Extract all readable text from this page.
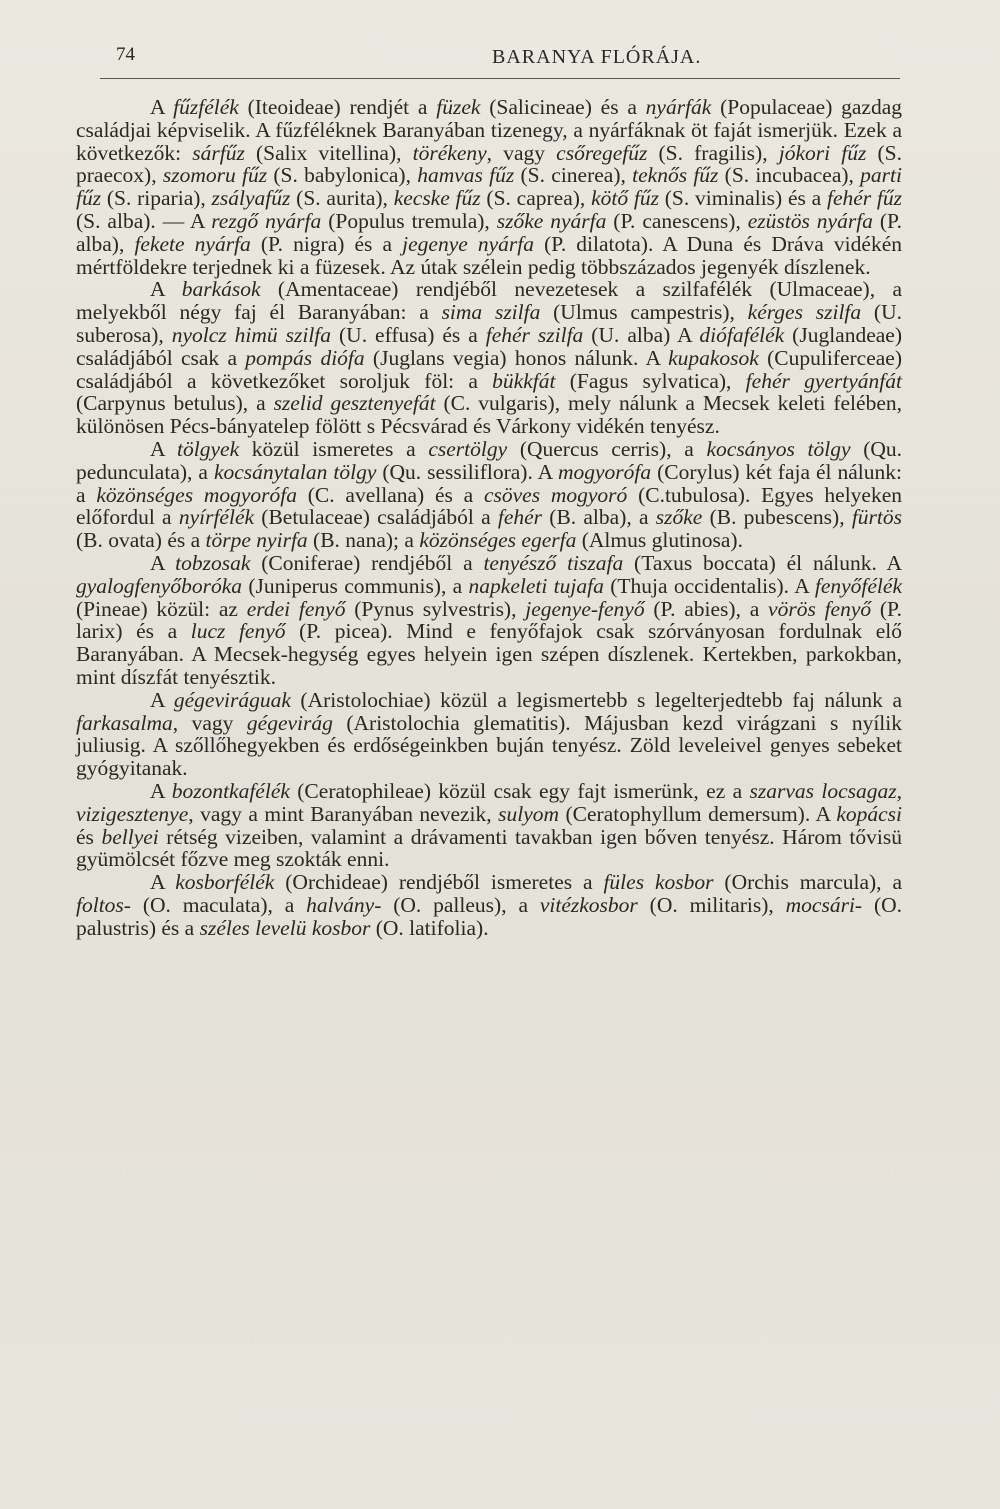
74	BARANYA FLÓRÁJA.

A fűzfélék (Iteoideae) rendjét a füzek (Salicineae) és a nyárfák (Populaceae) gazdag családjai képviselik. A fűzféléknek Baranyában tizenegy, a nyárfáknak öt faját ismerjük. Ezek a következők: sárfűz (Salix vitellina), törékeny, vagy csőregefűz (S. fragilis), jókori fűz (S. praecox), szomoru fűz (S. babylonica), hamvas fűz (S. cinerea), teknős fűz (S. incubacea), parti fűz (S. riparia), zsályafűz (S. aurita), kecske fűz (S. caprea), kötő fűz (S. viminalis) és a fehér fűz (S. alba). — A rezgő nyárfa (Populus tremula), szőke nyárfa (P. canescens), ezüstös nyárfa (P. alba), fekete nyárfa (P. nigra) és a jegenye nyárfa (P. dilatota). A Duna és Dráva vidékén mértföldekre terjednek ki a füzesek. Az útak szélein pedig többszázados jegenyék díszlenek.

A barkások (Amentaceae) rendjéből nevezetesek a szilfafélék (Ulmaceae), a melyekből négy faj él Baranyában: a sima szilfa (Ulmus campestris), kérges szilfa (U. suberosa), nyolcz himü szilfa (U. effusa) és a fehér szilfa (U. alba) A diófafélék (Juglandeae) családjából csak a pompás diófa (Juglans vegia) honos nálunk. A kupakosok (Cupuliferceae) családjából a következőket soroljuk föl: a bükkfát (Fagus sylvatica), fehér gyertyánfát (Carpynus betulus), a szelid gesztenyefát (C. vulgaris), mely nálunk a Mecsek keleti felében, különösen Pécs-bányatelep fölött s Pécsvárad és Várkony vidékén tenyész.

A tölgyek közül ismeretes a csertölgy (Quercus cerris), a kocsányos tölgy (Qu. pedunculata), a kocsánytalan tölgy (Qu. sessiliflora). A mogyorófa (Corylus) két faja él nálunk: a közönséges mogyorófa (C. avellana) és a csöves mogyoró (C.tubulosa). Egyes helyeken előfordul a nyírfélék (Betulaceae) családjából a fehér (B. alba), a szőke (B. pubescens), fürtös (B. ovata) és a törpe nyirfa (B. nana); a közönséges egerfa (Almus glutinosa).

A tobzosak (Coniferae) rendjéből a tenyésző tiszafa (Taxus boccata) él nálunk. A gyalogfenyőboróka (Juniperus communis), a napkeleti tujafa (Thuja occidentalis). A fenyőfélék (Pineae) közül: az erdei fenyő (Pynus sylvestris), jegenye-fenyő (P. abies), a vörös fenyő (P. larix) és a lucz fenyő (P. picea). Mind e fenyőfajok csak szórványosan fordulnak elő Baranyában. A Mecsek-hegység egyes helyein igen szépen díszlenek. Kertekben, parkokban, mint díszfát tenyésztik.

A gégeviráguak (Aristolochiae) közül a legismertebb s legelterjedtebb faj nálunk a farkasalma, vagy gégevirág (Aristolochia glematitis). Májusban kezd virágzani s nyílik juliusig. A szőllőhegyekben és erdőségeinkben buján tenyész. Zöld leveleivel genyes sebeket gyógyitanak.

A bozontkafélék (Ceratophileae) közül csak egy fajt ismerünk, ez a szarvas locsagaz, vizigesztenye, vagy a mint Baranyában nevezik, sulyom (Ceratophyllum demersum). A kopácsi és bellyei rétség vizeiben, valamint a drávamenti tavakban igen bőven tenyész. Három tővisü gyümölcsét főzve meg szokták enni.

A kosborfélék (Orchideae) rendjéből ismeretes a füles kosbor (Orchis marcula), a foltos- (O. maculata), a halvány- (O. palleus), a vitézkosbor (O. militaris), mocsári- (O. palustris) és a széles levelü kosbor (O. latifolia).
